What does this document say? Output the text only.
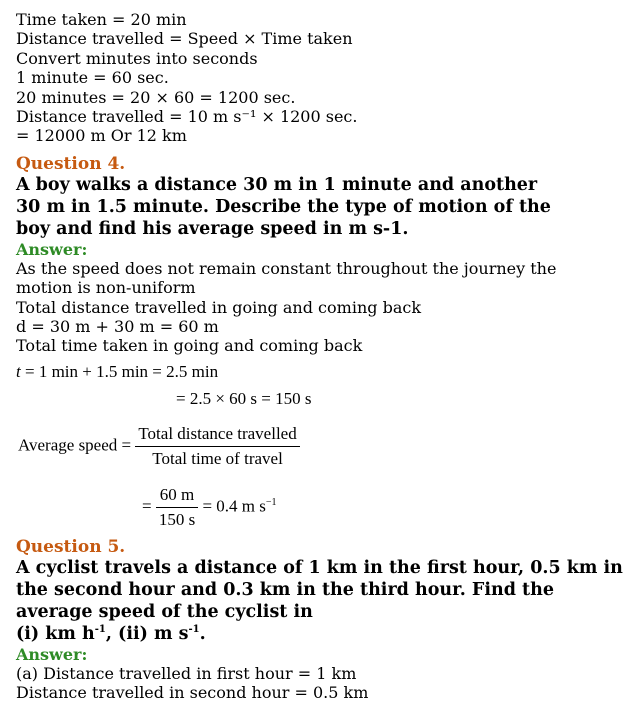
Time taken = 20 min
Distance travelled = Speed × Time taken
Convert minutes into seconds
1 minute = 60 sec.
20 minutes = 20 × 60 = 1200 sec.
Distance travelled = 10 m s⁻¹ × 1200 sec.
= 12000 m Or 12 km
Question 4.
A boy walks a distance 30 m in 1 minute and another 30 m in 1.5 minute. Describe the type of motion of the boy and find his average speed in m s-1.
Answer:
As the speed does not remain constant throughout the journey the
motion is non-uniform
Total distance travelled in going and coming back
d = 30 m + 30 m = 60 m
Total time taken in going and coming back
t = 1 min + 1.5 min = 2.5 min
= 2.5 × 60 s = 150 s
Average speed = $\frac{\text{Total distance travelled}}{\text{Total time of travel}}$
= $\frac{60 m}{150 s} = 0.4$ m $s^{-1}$
Question 5.
A cyclist travels a distance of 1 km in the first hour, 0.5 km in
the second hour and 0.3 km in the third hour. Find the
average speed of the cyclist in
(i) km $h^{-1}$, (ii) m $s^{-1}$.
Answer:
(a) Distance travelled in first hour = 1 km
Distance travelled in second hour = 0.5 km
